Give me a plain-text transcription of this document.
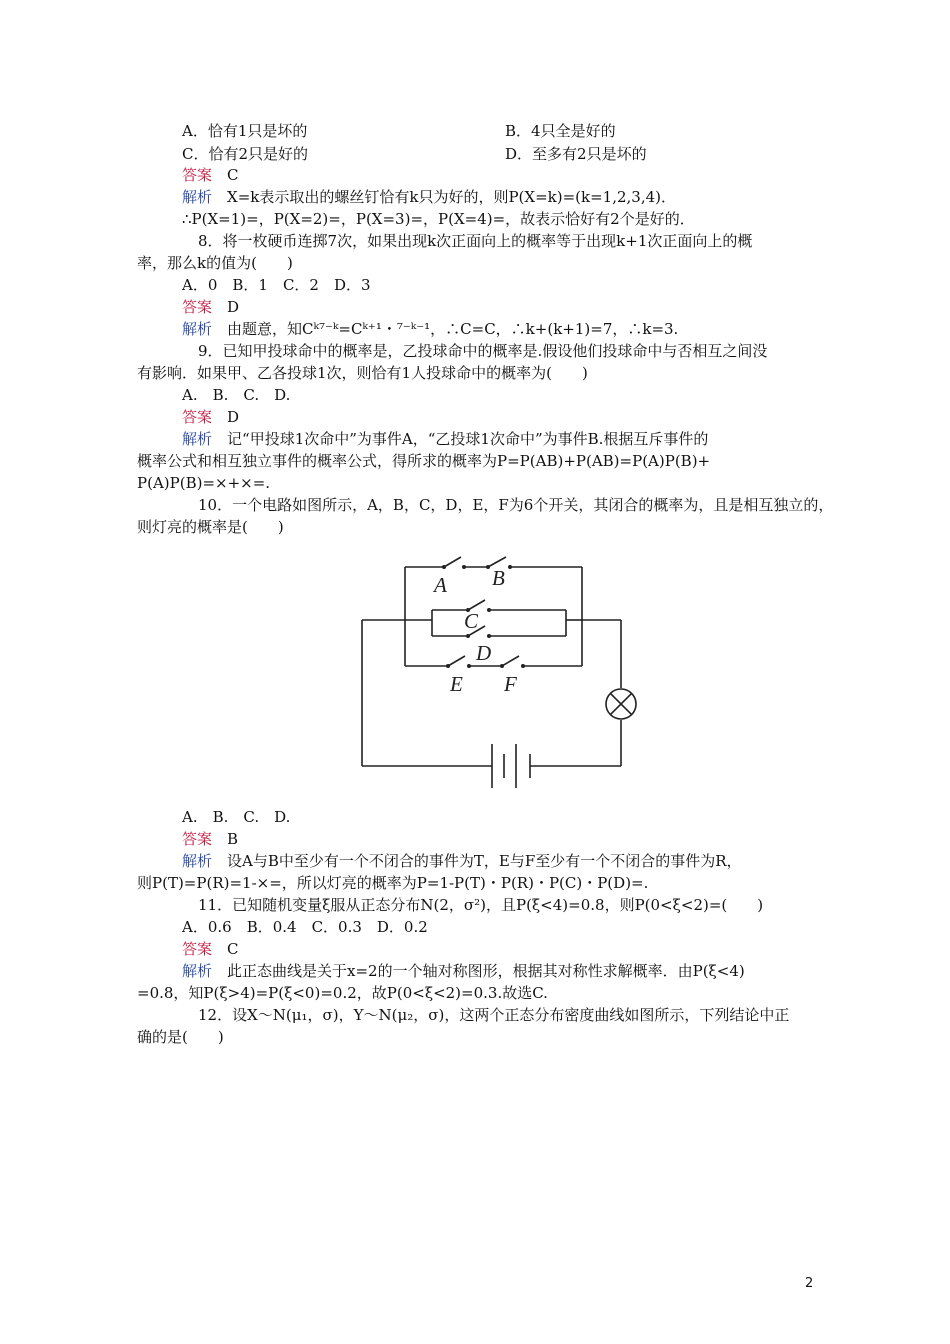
A．恰有1只是坏的	B．4只全是好的
C．恰有2只是好的	D．至多有2只是坏的
答案　 C
解析　 X=k表示取出的螺丝钉恰有k只为好的，则P(X=k)=(k=1,2,3,4)．
∴P(X=1)=，P(X=2)=，P(X=3)=，P(X=4)=，故表示恰好有2个是好的．
8．将一枚硬币连掷7次，如果出现k次正面向上的概率等于出现k+1次正面向上的概
率，那么k的值为(　　)
A．0　B．1　C．2　D．3
答案　 D
解析　 由题意，知Cᵏ⁷⁻ᵏ=Cᵏ⁺¹・⁷⁻ᵏ⁻¹，∴C=C，∴k+(k+1)=7，∴k=3.
9．已知甲投球命中的概率是，乙投球命中的概率是.假设他们投球命中与否相互之间没
有影响．如果甲、乙各投球1次，则恰有1人投球命中的概率为(　　)
A.　B.　C.　D.
答案　 D
解析　 记“甲投球1次命中”为事件A，“乙投球1次命中”为事件B.根据互斥事件的
概率公式和相互独立事件的概率公式，得所求的概率为P=P(AB)+P(AB)=P(A)P(B)+
P(A)P(B)=×+×=.
10．一个电路如图所示，A，B，C，D，E，F为6个开关，其闭合的概率为，且是相互独立的，
则灯亮的概率是(　　)
A B
C
D
E F
A.　B.　C.　D.
答案　 B
解析　 设A与B中至少有一个不闭合的事件为T，E与F至少有一个不闭合的事件为R，
则P(T)=P(R)=1-×=，所以灯亮的概率为P=1-P(T)・P(R)・P(C)・P(D)=.
11．已知随机变量ξ服从正态分布N(2，σ²)，且P(ξ<4)=0.8，则P(0<ξ<2)=(　　)
A．0.6　B．0.4　C．0.3　D．0.2
答案　 C
解析　 此正态曲线是关于x=2的一个轴对称图形，根据其对称性求解概率．由P(ξ<4)
=0.8，知P(ξ>4)=P(ξ<0)=0.2，故P(0<ξ<2)=0.3.故选C.
12．设X～N(μ₁，σ)，Y～N(μ₂，σ)，这两个正态分布密度曲线如图所示，下列结论中正
确的是(　　)
2
